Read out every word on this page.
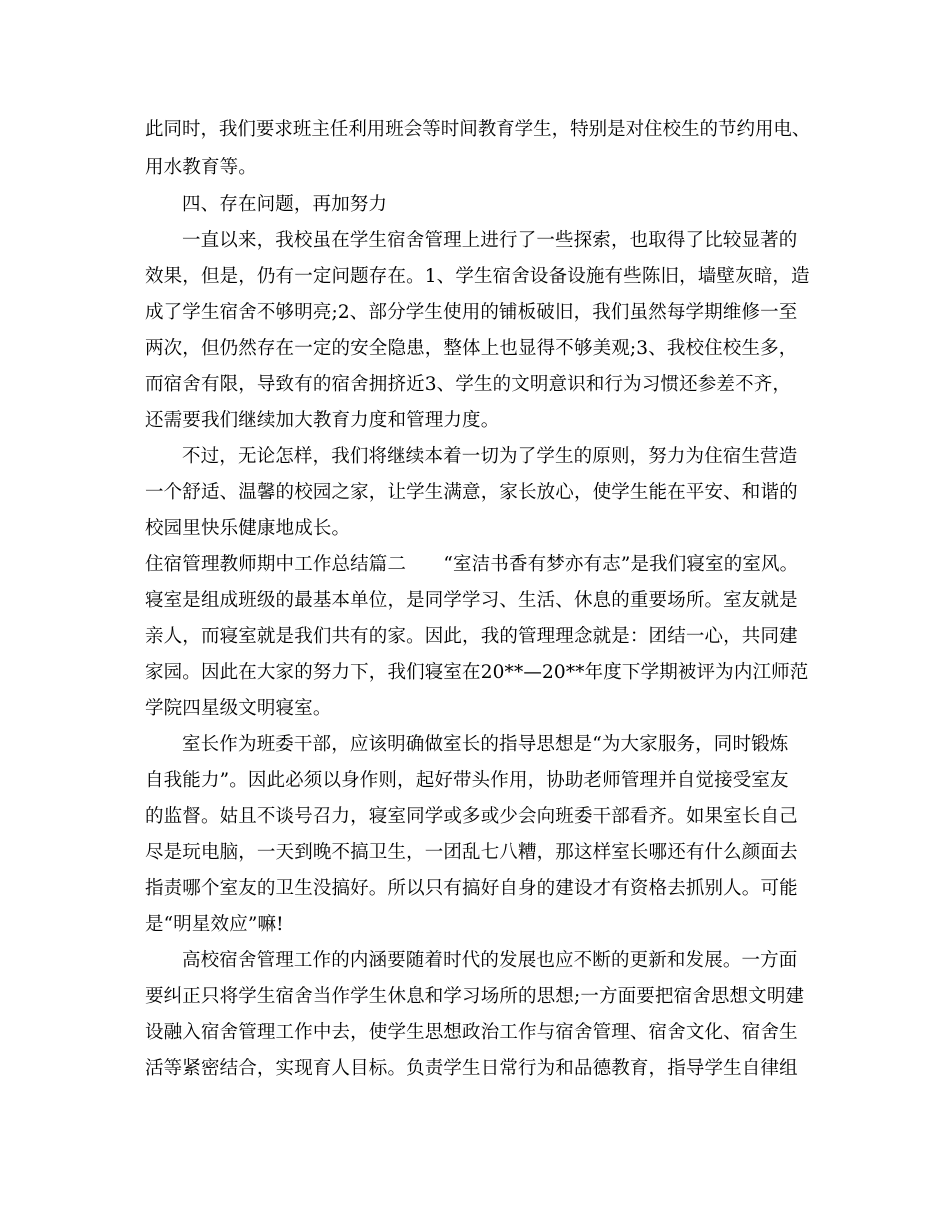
此同时，我们要求班主任利用班会等时间教育学生，特别是对住校生的节约用电、
用水教育等。
四、存在问题，再加努力
一直以来，我校虽在学生宿舍管理上进行了一些探索，也取得了比较显著的
效果，但是，仍有一定问题存在。1、学生宿舍设备设施有些陈旧，墙壁灰暗，造
成了学生宿舍不够明亮;2、部分学生使用的铺板破旧，我们虽然每学期维修一至
两次，但仍然存在一定的安全隐患，整体上也显得不够美观;3、我校住校生多，
而宿舍有限，导致有的宿舍拥挤近3、学生的文明意识和行为习惯还参差不齐，
还需要我们继续加大教育力度和管理力度。
不过，无论怎样，我们将继续本着一切为了学生的原则，努力为住宿生营造
一个舒适、温馨的校园之家，让学生满意，家长放心，使学生能在平安、和谐的
校园里快乐健康地成长。
住宿管理教师期中工作总结篇二　　“室洁书香有梦亦有志”是我们寝室的室风。
寝室是组成班级的最基本单位，是同学学习、生活、休息的重要场所。室友就是
亲人，而寝室就是我们共有的家。因此，我的管理理念就是：团结一心，共同建
家园。因此在大家的努力下，我们寝室在20**—20**年度下学期被评为内江师范
学院四星级文明寝室。
室长作为班委干部，应该明确做室长的指导思想是“为大家服务，同时锻炼
自我能力”。因此必须以身作则，起好带头作用，协助老师管理并自觉接受室友
的监督。姑且不谈号召力，寝室同学或多或少会向班委干部看齐。如果室长自己
尽是玩电脑，一天到晚不搞卫生，一团乱七八糟，那这样室长哪还有什么颜面去
指责哪个室友的卫生没搞好。所以只有搞好自身的建设才有资格去抓别人。可能
是“明星效应”嘛!
高校宿舍管理工作的内涵要随着时代的发展也应不断的更新和发展。一方面
要纠正只将学生宿舍当作学生休息和学习场所的思想;一方面要把宿舍思想文明建
设融入宿舍管理工作中去，使学生思想政治工作与宿舍管理、宿舍文化、宿舍生
活等紧密结合，实现育人目标。负责学生日常行为和品德教育，指导学生自律组
